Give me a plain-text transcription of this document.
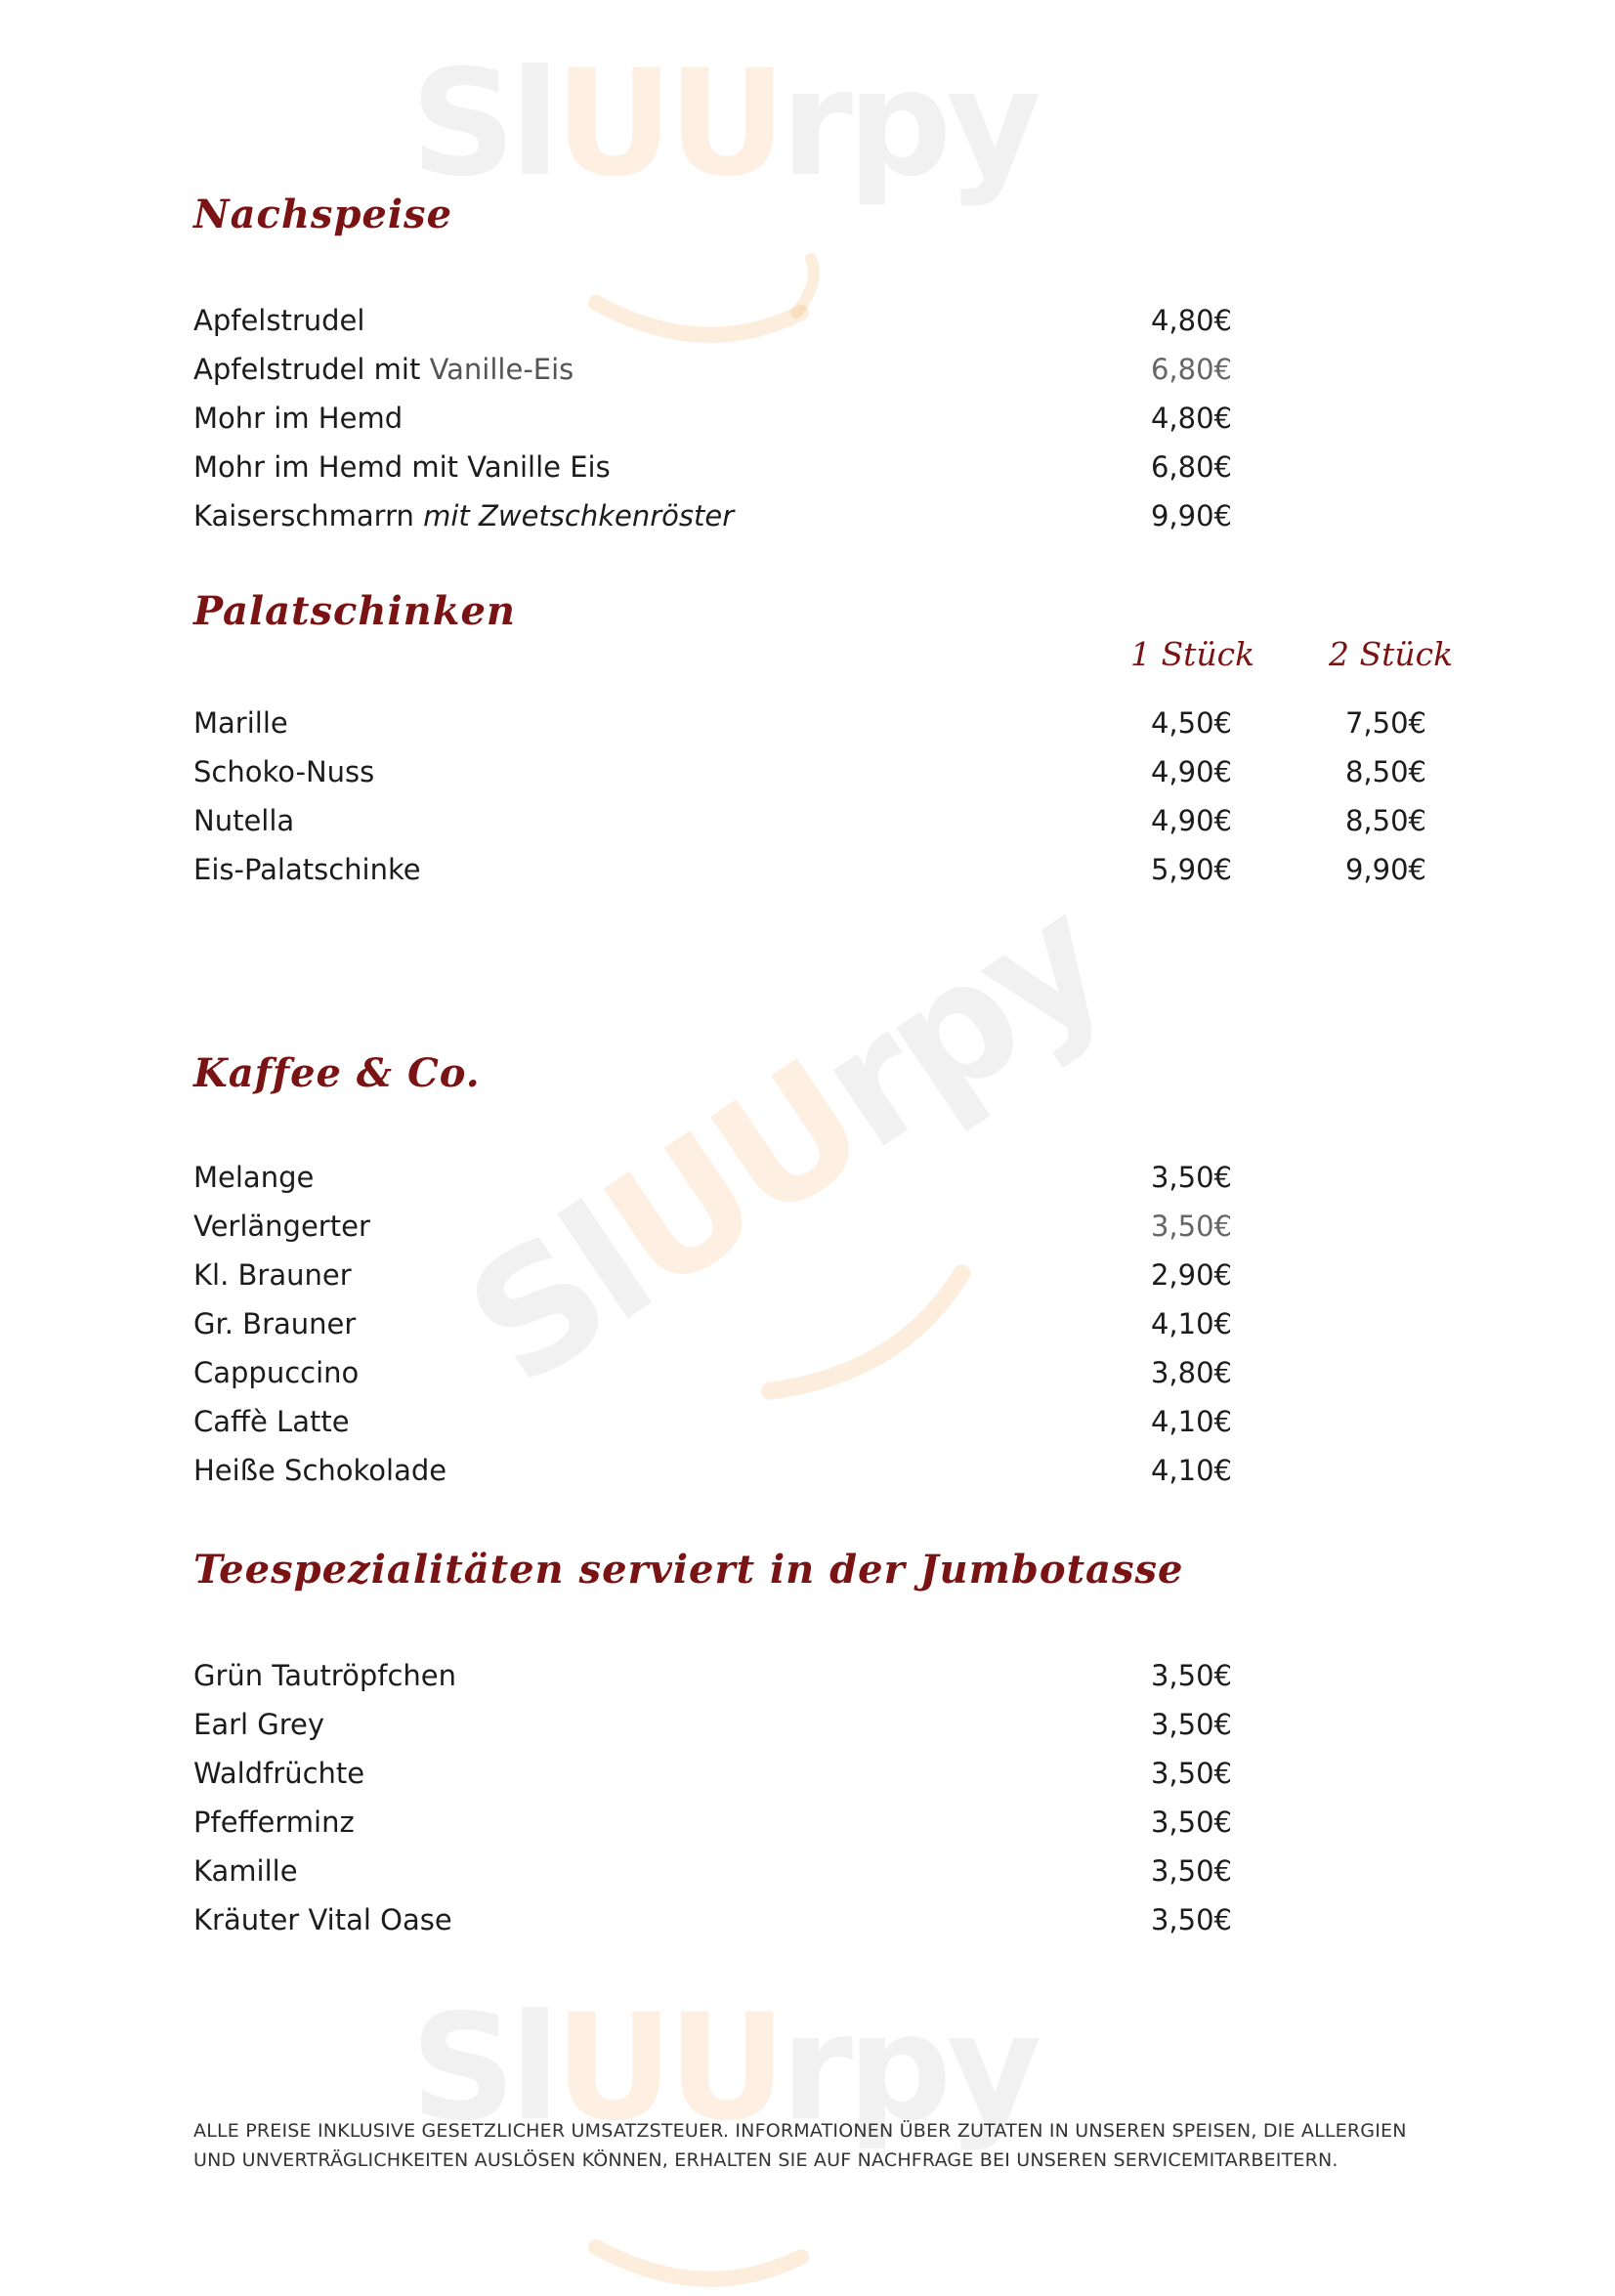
SlUUrpy
SlUUrpy
SlUUrpy
Nachspeise
Apfelstrudel	4,80€
Apfelstrudel mit Vanille-Eis	6,80€
Mohr im Hemd	4,80€
Mohr im Hemd mit Vanille Eis	6,80€
Kaiserschmarrn mit Zwetschkenröster	9,90€
Palatschinken
1 Stück 2 Stück
Marille	4,50€	7,50€
Schoko-Nuss	4,90€	8,50€
Nutella	4,90€	8,50€
Eis-Palatschinke	5,90€	9,90€
Kaffee & Co.
Melange	3,50€
Verlängerter	3,50€
Kl. Brauner	2,90€
Gr. Brauner	4,10€
Cappuccino	3,80€
Caffè Latte	4,10€
Heiße Schokolade	4,10€
Teespezialitäten serviert in der Jumbotasse
Grün Tautröpfchen	3,50€
Earl Grey	3,50€
Waldfrüchte	3,50€
Pfefferminz	3,50€
Kamille	3,50€
Kräuter Vital Oase	3,50€
ALLE PREISE INKLUSIVE GESETZLICHER UMSATZSTEUER. INFORMATIONEN ÜBER ZUTATEN IN UNSEREN SPEISEN, DIE ALLERGIEN
UND UNVERTRÄGLICHKEITEN AUSLÖSEN KÖNNEN, ERHALTEN SIE AUF NACHFRAGE BEI UNSEREN SERVICEMITARBEITERN.
